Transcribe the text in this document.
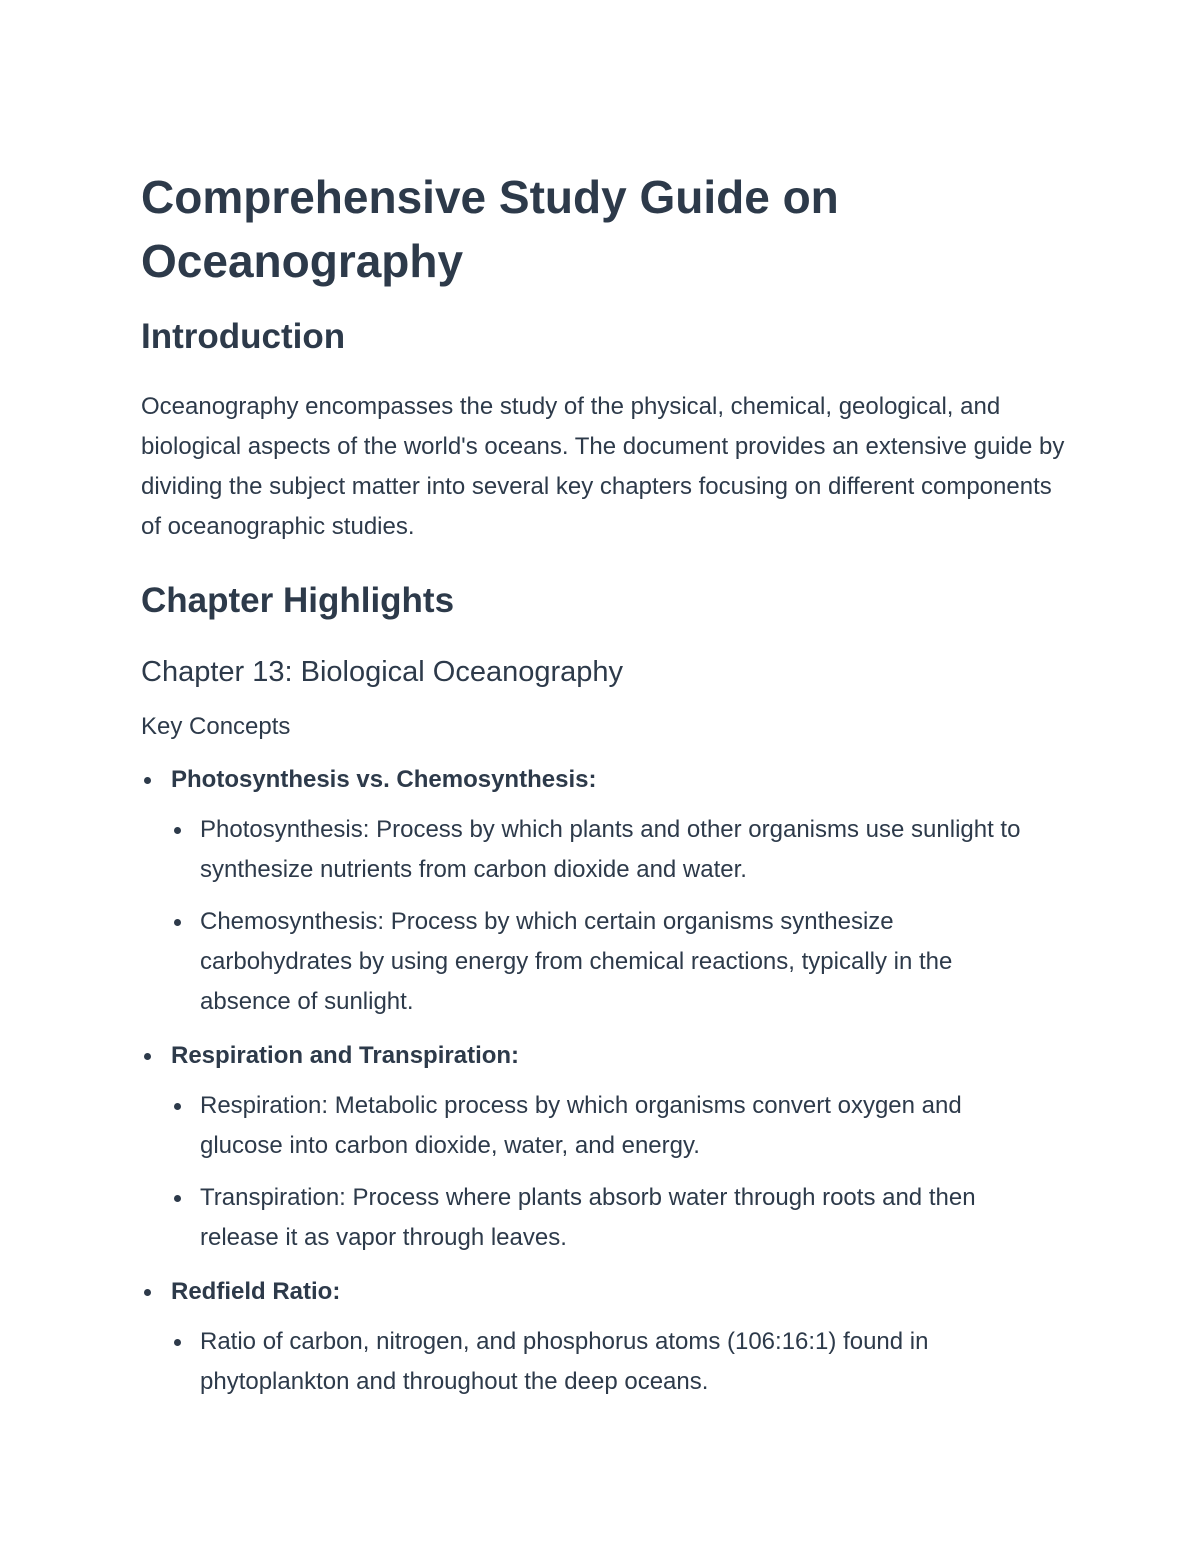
Comprehensive Study Guide on Oceanography
Introduction

Oceanography encompasses the study of the physical, chemical, geological, and biological aspects of the world's oceans. The document provides an extensive guide by dividing the subject matter into several key chapters focusing on different components of oceanographic studies.

Chapter Highlights
Chapter 13: Biological Oceanography
Key Concepts
Photosynthesis vs. Chemosynthesis:
Photosynthesis: Process by which plants and other organisms use sunlight to synthesize nutrients from carbon dioxide and water.
Chemosynthesis: Process by which certain organisms synthesize carbohydrates by using energy from chemical reactions, typically in the absence of sunlight.
Respiration and Transpiration:
Respiration: Metabolic process by which organisms convert oxygen and glucose into carbon dioxide, water, and energy.
Transpiration: Process where plants absorb water through roots and then release it as vapor through leaves.
Redfield Ratio:
Ratio of carbon, nitrogen, and phosphorus atoms (106:16:1) found in phytoplankton and throughout the deep oceans.
